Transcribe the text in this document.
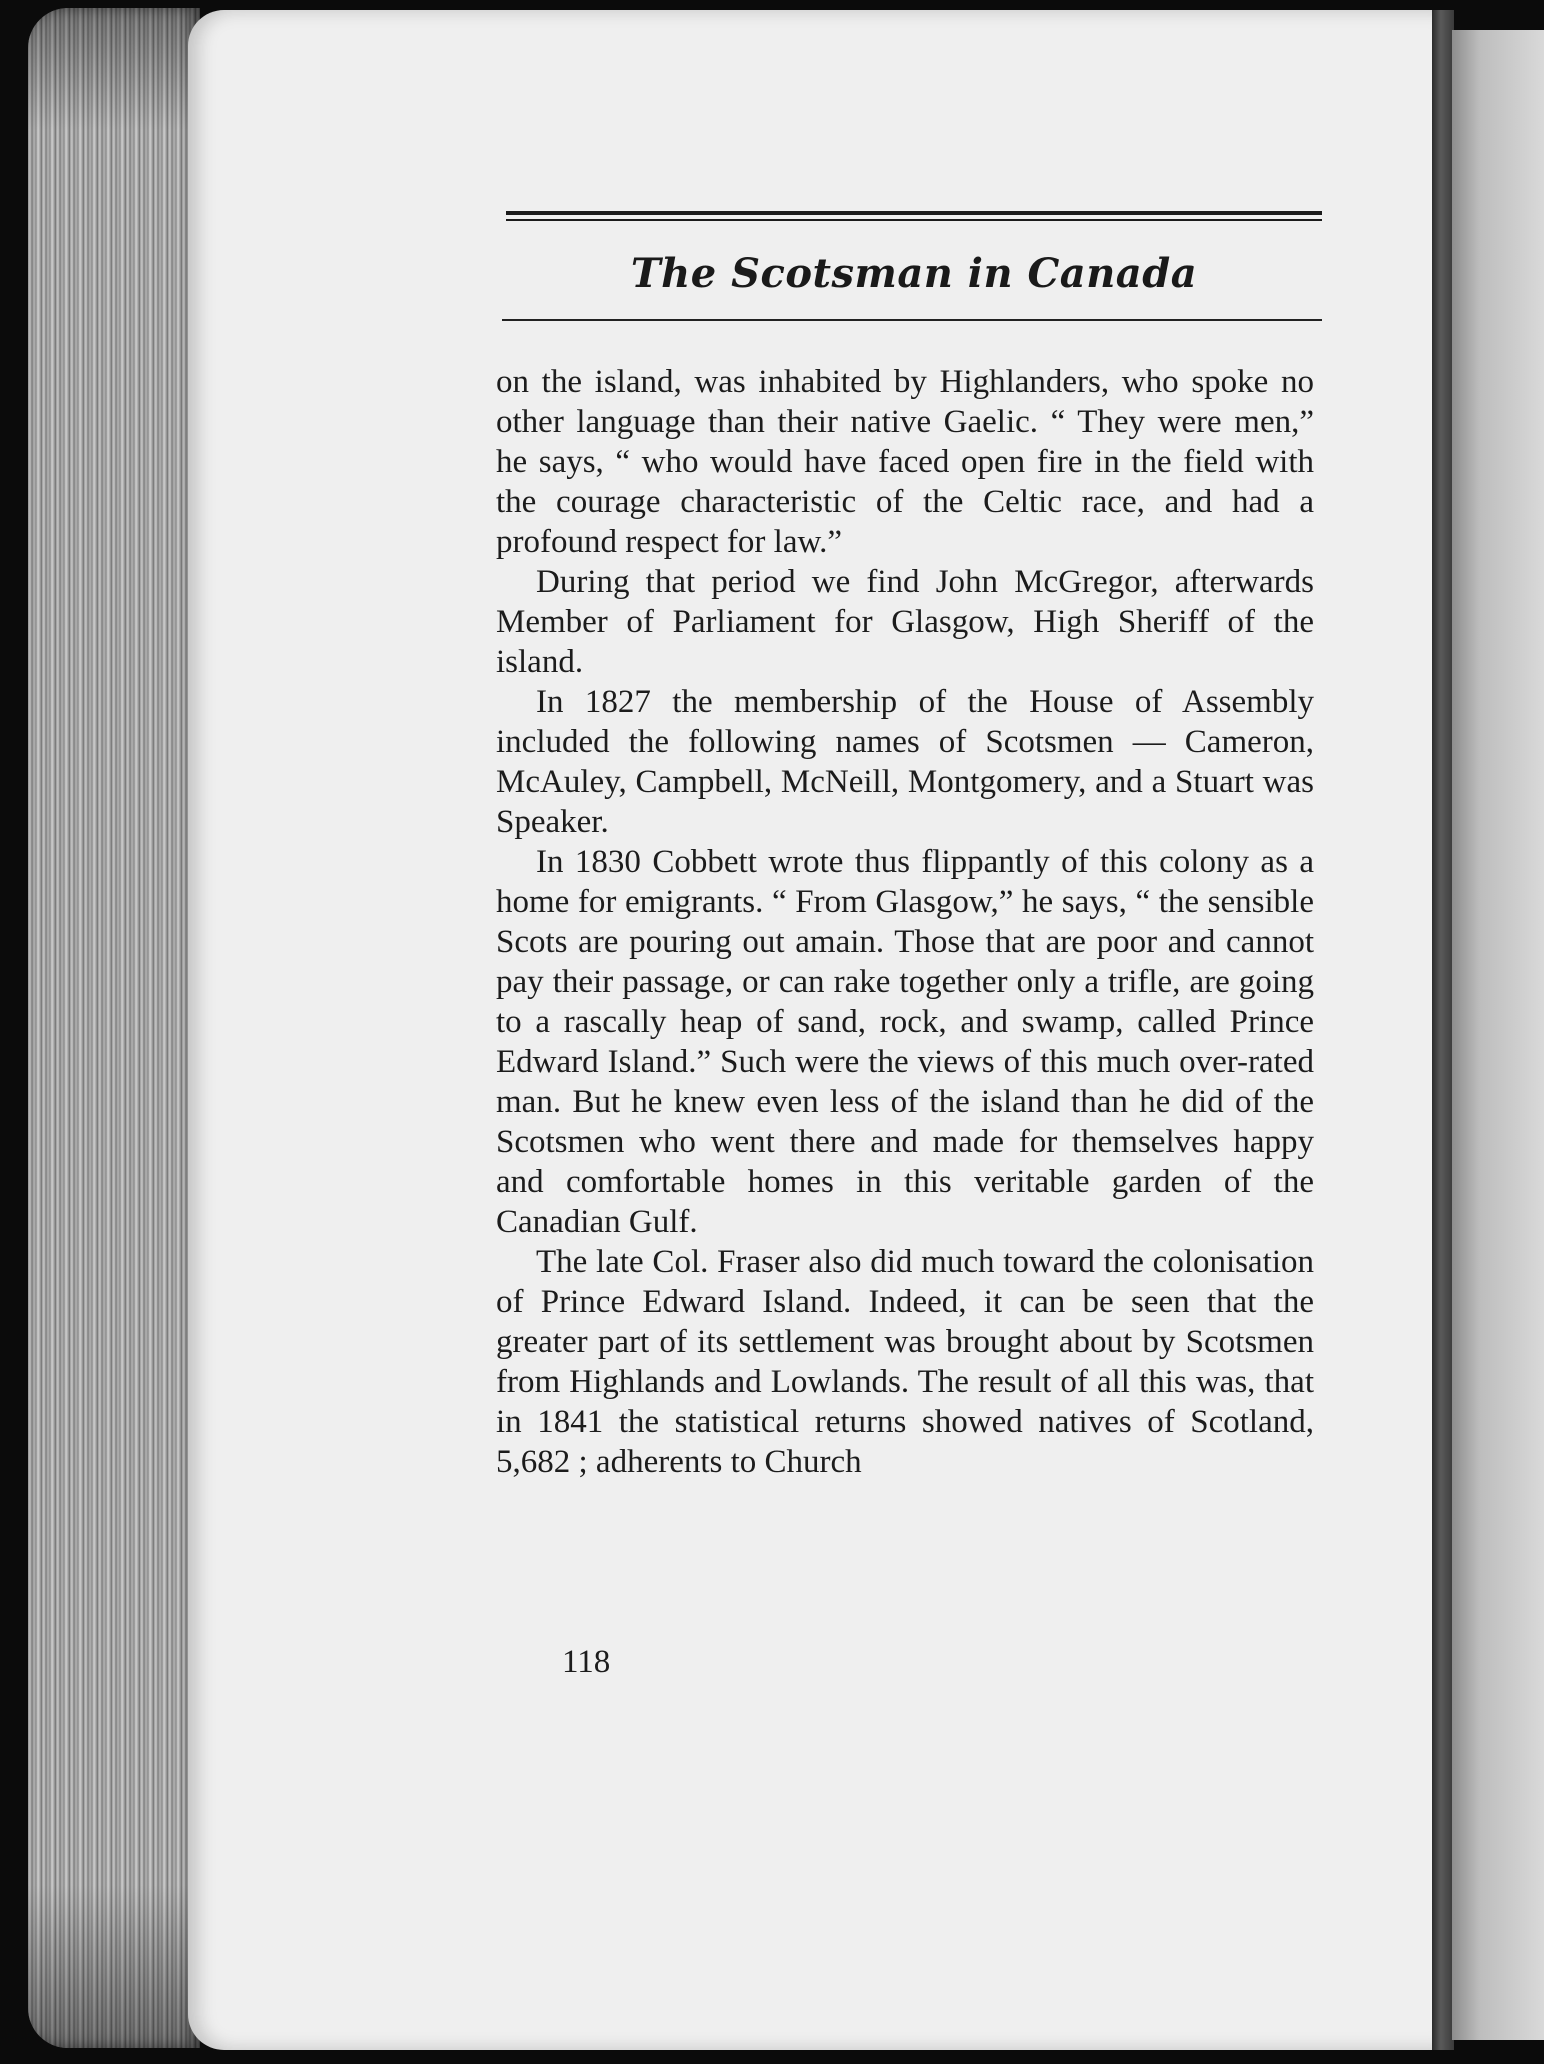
The Scotsman in Canada

on the island, was inhabited by Highlanders, who spoke no other language than their native Gaelic. “ They were men,” he says, “ who would have faced open fire in the field with the courage characteristic of the Celtic race, and had a profound respect for law.”

During that period we find John McGregor, afterwards Member of Parliament for Glasgow, High Sheriff of the island.

In 1827 the membership of the House of Assembly included the following names of Scotsmen — Cameron, McAuley, Campbell, McNeill, Montgomery, and a Stuart was Speaker.

In 1830 Cobbett wrote thus flippantly of this colony as a home for emigrants. “ From Glasgow,” he says, “ the sensible Scots are pouring out amain. Those that are poor and cannot pay their passage, or can rake together only a trifle, are going to a rascally heap of sand, rock, and swamp, called Prince Edward Island.” Such were the views of this much over-rated man. But he knew even less of the island than he did of the Scotsmen who went there and made for themselves happy and comfortable homes in this veritable garden of the Canadian Gulf.

The late Col. Fraser also did much toward the colonisation of Prince Edward Island. Indeed, it can be seen that the greater part of its settlement was brought about by Scotsmen from Highlands and Lowlands. The result of all this was, that in 1841 the statistical returns showed natives of Scotland, 5,682 ; adherents to Church

118
